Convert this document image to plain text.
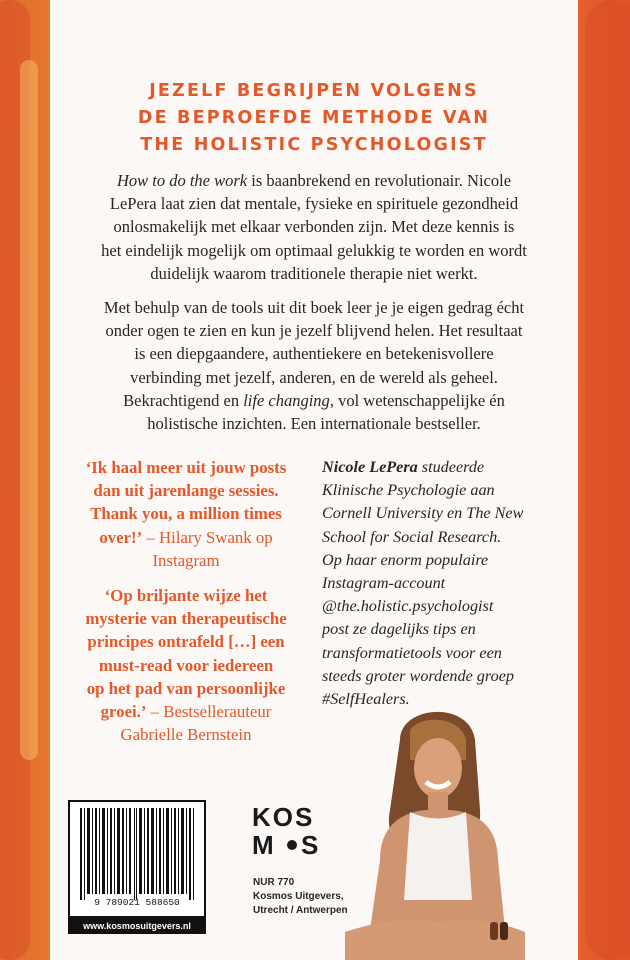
JEZELF BEGRIJPEN VOLGENS
DE BEPROEFDE METHODE VAN
THE HOLISTIC PSYCHOLOGIST
How to do the work is baanbrekend en revolutionair. Nicole
LePera laat zien dat mentale, fysieke en spirituele gezondheid
onlosmakelijk met elkaar verbonden zijn. Met deze kennis is
het eindelijk mogelijk om optimaal gelukkig te worden en wordt
duidelijk waarom traditionele therapie niet werkt.
Met behulp van de tools uit dit boek leer je je eigen gedrag écht
onder ogen te zien en kun je jezelf blijvend helen. Het resultaat
is een diepgaandere, authentiekere en betekenisvollere
verbinding met jezelf, anderen, en de wereld als geheel.
Bekrachtigend en life changing, vol wetenschappelijke én
holistische inzichten. Een internationale bestseller.
‘Ik haal meer uit jouw posts
dan uit jarenlange sessies.
Thank you, a million times
over!’ – Hilary Swank op
Instagram
‘Op briljante wijze het
mysterie van therapeutische
principes ontrafeld […] een
must-read voor iedereen
op het pad van persoonlijke
groei.’ – Bestsellerauteur
Gabrielle Bernstein
Nicole LePera studeerde
Klinische Psychologie aan
Cornell University en The New
School for Social Research.
Op haar enorm populaire
Instagram-account
@the.holistic.psychologist
post ze dagelijks tips en
transformatietools voor een
steeds groter wordende groep
#SelfHealers.
9 789021 588650
www.kosmosuitgevers.nl
KOS
M S
NUR 770
Kosmos Uitgevers,
Utrecht / Antwerpen
